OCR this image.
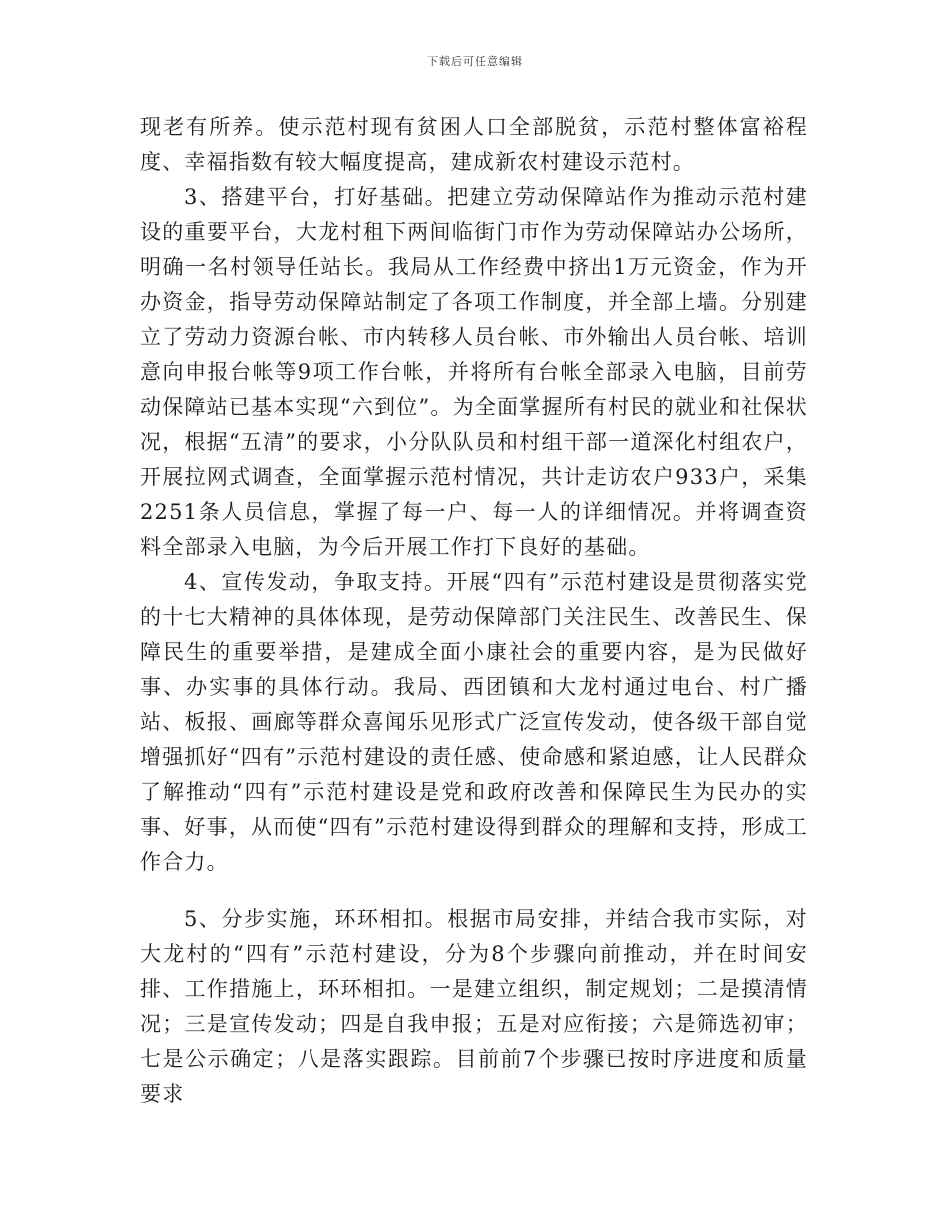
下载后可任意编辑

现老有所养。使示范村现有贫困人口全部脱贫，示范村整体富裕程度、幸福指数有较大幅度提高，建成新农村建设示范村。

3、搭建平台，打好基础。把建立劳动保障站作为推动示范村建设的重要平台，大龙村租下两间临街门市作为劳动保障站办公场所，明确一名村领导任站长。我局从工作经费中挤出1万元资金，作为开办资金，指导劳动保障站制定了各项工作制度，并全部上墙。分别建立了劳动力资源台帐、市内转移人员台帐、市外输出人员台帐、培训意向申报台帐等9项工作台帐，并将所有台帐全部录入电脑，目前劳动保障站已基本实现“六到位”。为全面掌握所有村民的就业和社保状况，根据“五清”的要求，小分队队员和村组干部一道深化村组农户，开展拉网式调查，全面掌握示范村情况，共计走访农户933户，采集2251条人员信息，掌握了每一户、每一人的详细情况。并将调查资料全部录入电脑，为今后开展工作打下良好的基础。

4、宣传发动，争取支持。开展“四有”示范村建设是贯彻落实党的十七大精神的具体体现，是劳动保障部门关注民生、改善民生、保障民生的重要举措，是建成全面小康社会的重要内容，是为民做好事、办实事的具体行动。我局、西团镇和大龙村通过电台、村广播站、板报、画廊等群众喜闻乐见形式广泛宣传发动，使各级干部自觉增强抓好“四有”示范村建设的责任感、使命感和紧迫感，让人民群众了解推动“四有”示范村建设是党和政府改善和保障民生为民办的实事、好事，从而使“四有”示范村建设得到群众的理解和支持，形成工作合力。

5、分步实施，环环相扣。根据市局安排，并结合我市实际，对大龙村的“四有”示范村建设，分为8个步骤向前推动，并在时间安排、工作措施上，环环相扣。一是建立组织，制定规划；二是摸清情况；三是宣传发动；四是自我申报；五是对应衔接；六是筛选初审；七是公示确定；八是落实跟踪。目前前7个步骤已按时序进度和质量要求
